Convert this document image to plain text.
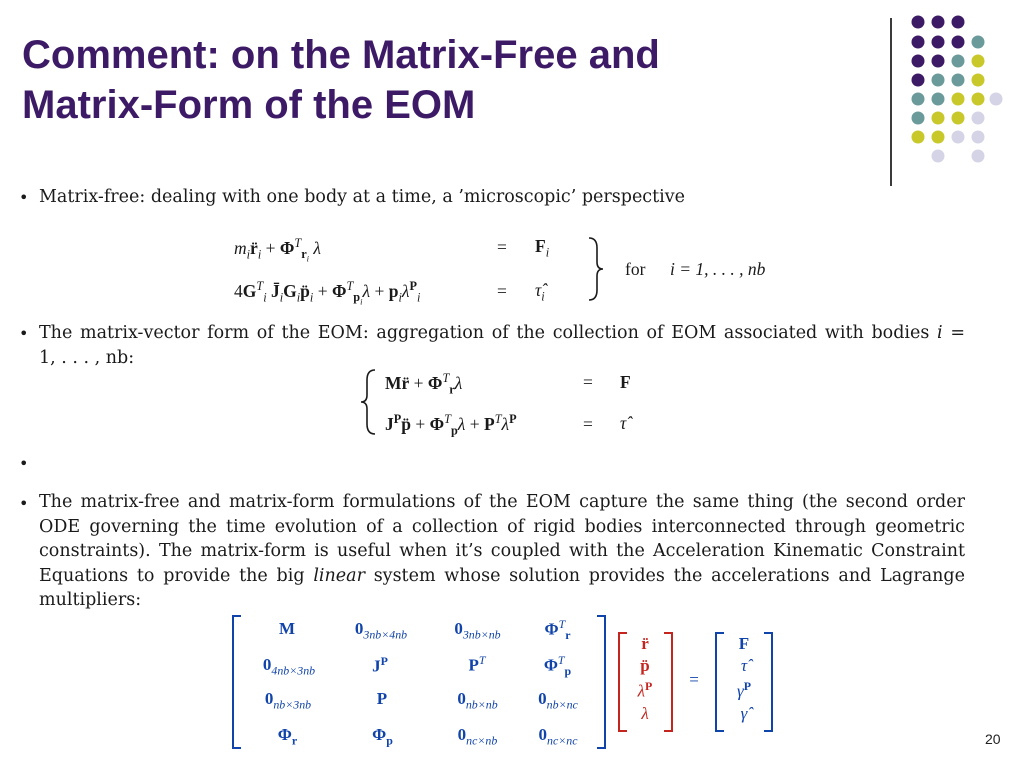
Comment: on the Matrix-Free and
Matrix-Form of the EOM
• Matrix-free: dealing with one body at a time, a ’microscopic’ perspective
$m_ir̈_i + \Phi^T_{r_i}$ λ	= $F_i$
$4G^T_i$ $J̄_iG_ip̈_i + \Phi^T_{p_i}\lambda + p_i\lambda^P_i$	= $\taû_i$
for i = 1, . . . , nb
• The matrix-vector form of the EOM: aggregation of the collection of EOM associated with bodies i =
1, . . . , nb:
Mr̈ + $\Phi^T_r\lambda$	= F
$J^Pp̈ + \Phi^T_p\lambda + P^T\lambda^P$	= τ̂
•
• The matrix-free and matrix-form formulations of the EOM capture the same thing (the second order ODE governing the time evolution of a collection of rigid bodies interconnected through geometric constraints). The matrix-form is useful when it’s coupled with the Acceleration Kinematic Constraint Equations to provide the big linear system whose solution provides the accelerations and Lagrange multipliers:
M	$0_{3nb\times 4nb}$	$0_{3nb\times nb}$	$\Phi^T_r$
$0_{4nb\times 3nb}$	$J^P$	$P^T$	$\Phi^T_p$
$0_{nb\times 3nb}$	P	$0_{nb\times nb}$	$0_{nb\times nc}$
$\Phi_r$	$\Phi_p$	$0_{nc\times nb}$	$0_{nc\times nc}$
r̈
p̈
$\lambda^P$
λ
=
F
τ̂
$\gamma^P$
γ̂
20
